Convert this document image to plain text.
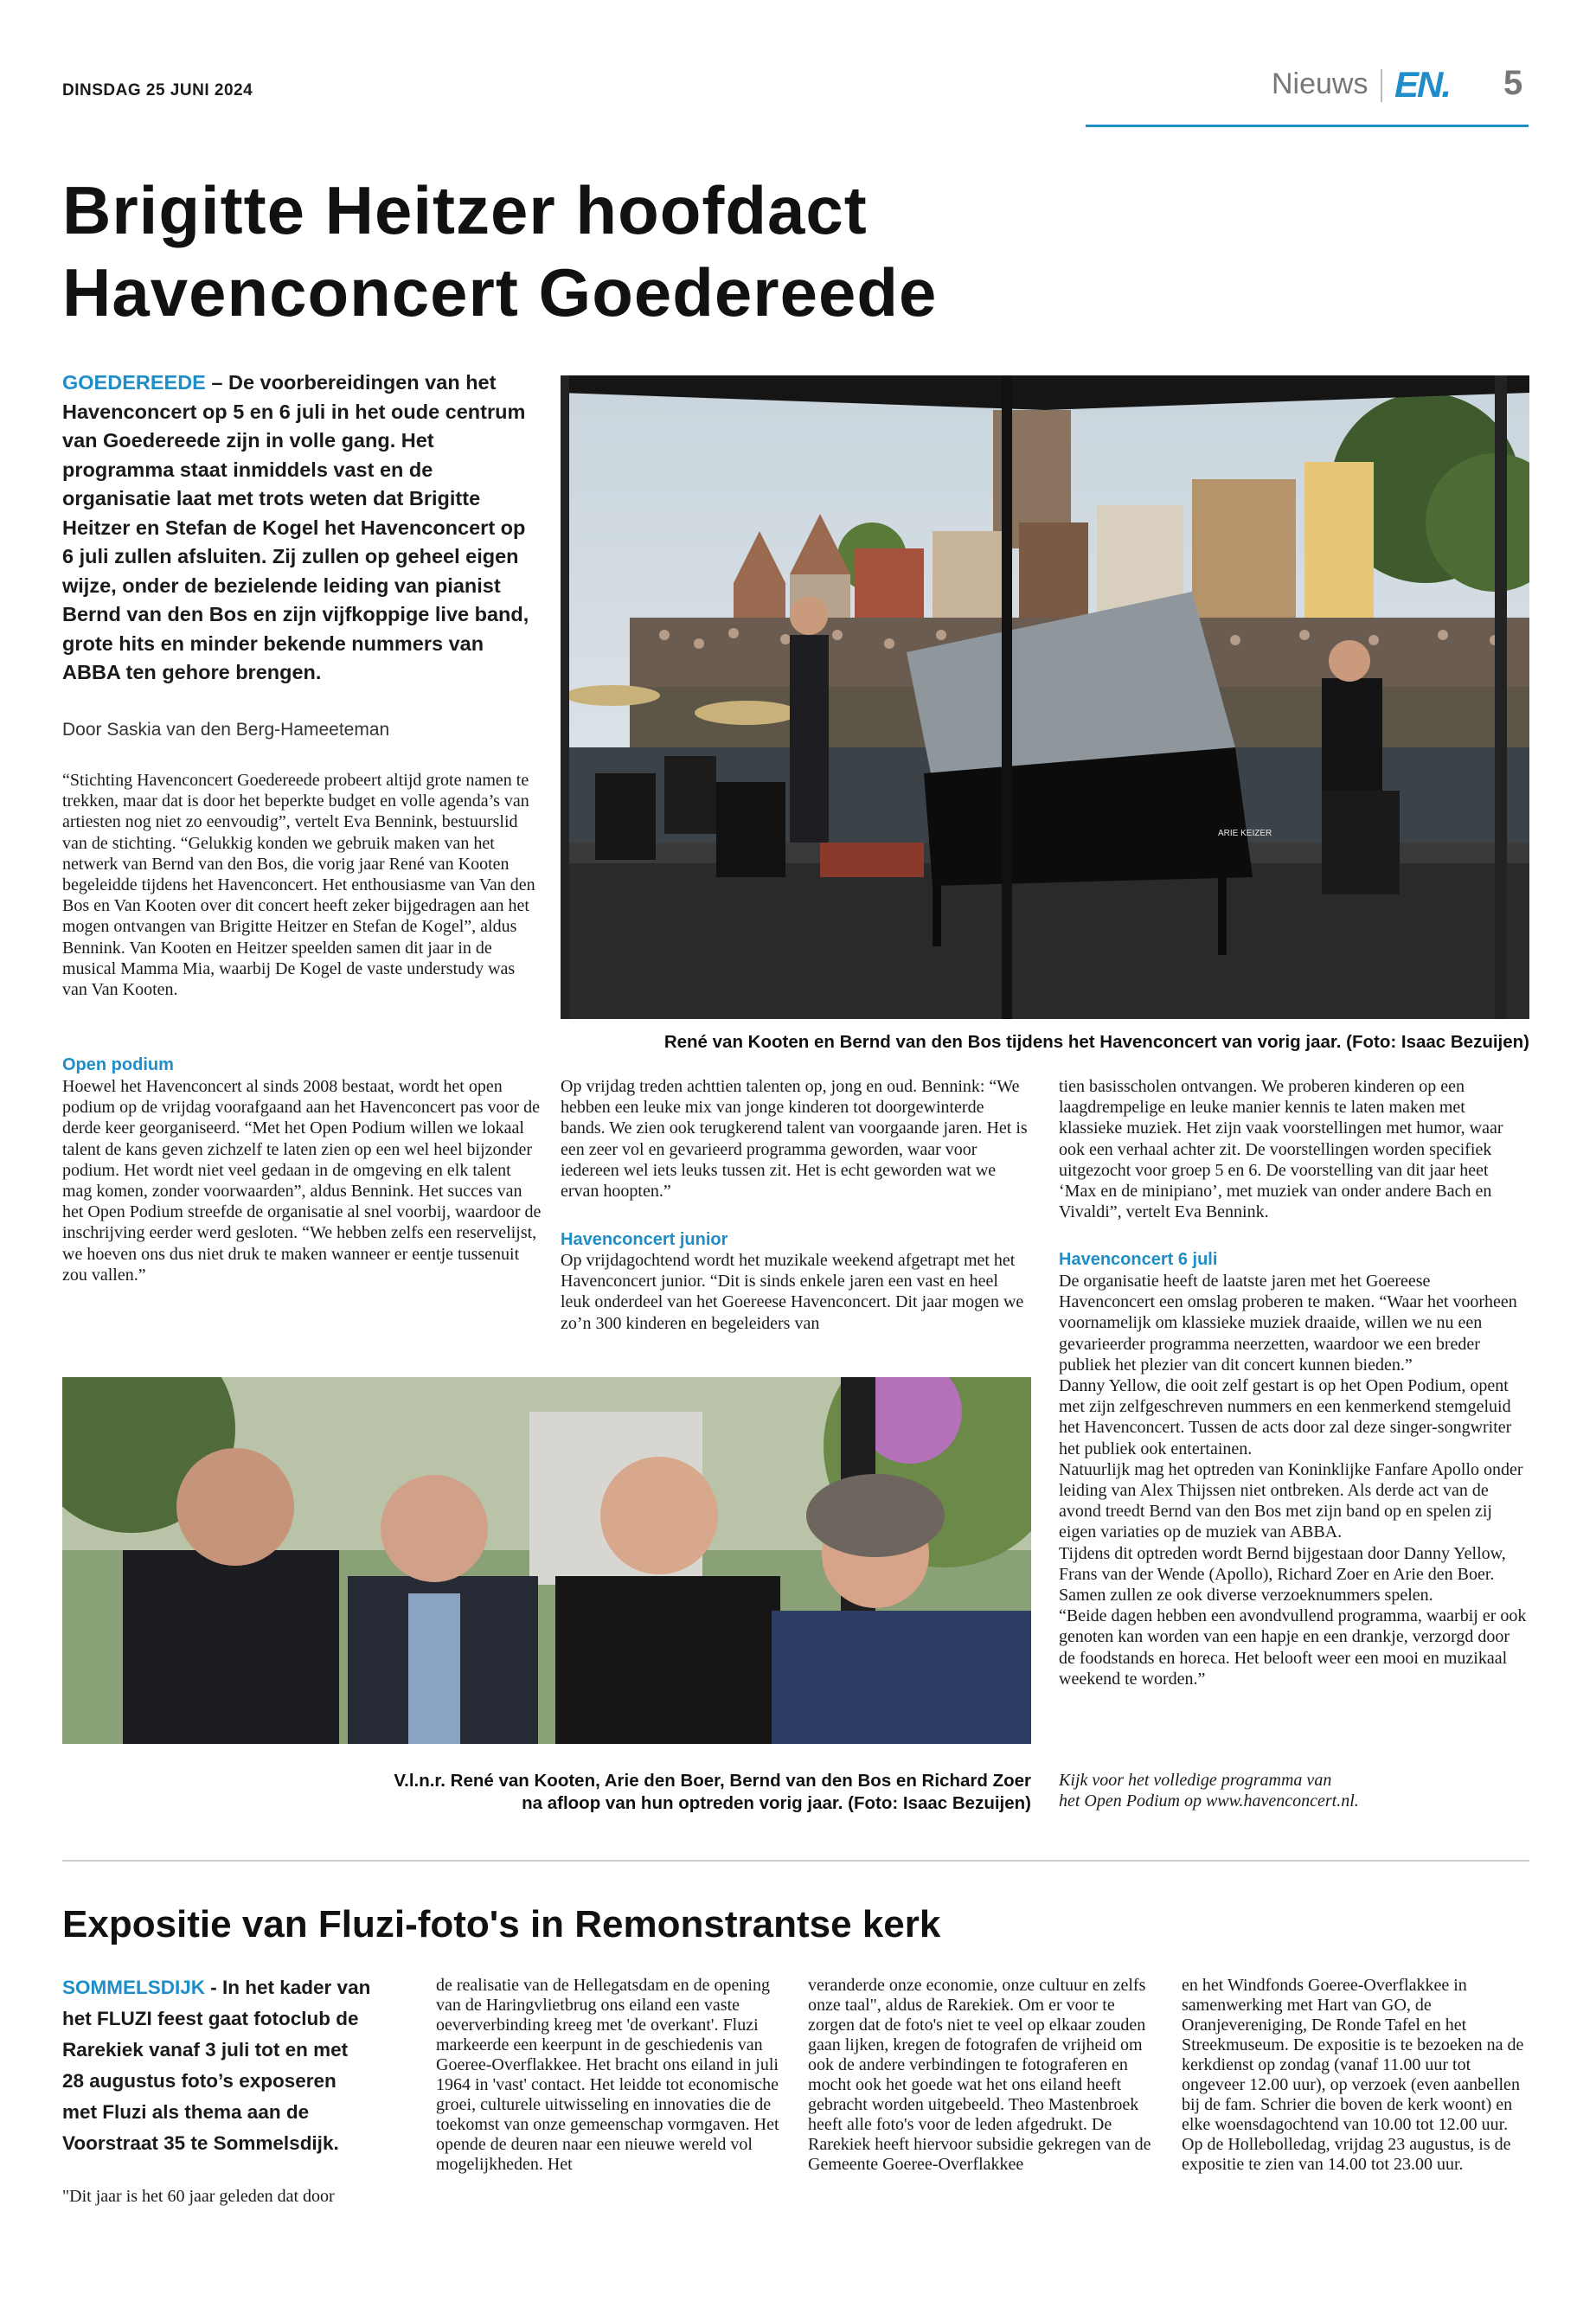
DINSDAG 25 JUNI 2024	Nieuws EN. 5
Brigitte Heitzer hoofdact
Havenconcert Goedereede
GOEDEREEDE – De voorbereidingen van het Havenconcert op 5 en 6 juli in het oude centrum van Goedereede zijn in volle gang. Het programma staat inmiddels vast en de organisatie laat met trots weten dat Brigitte Heitzer en Stefan de Kogel het Havenconcert op 6 juli zullen afsluiten. Zij zullen op geheel eigen wijze, onder de bezielende leiding van pianist Bernd van den Bos en zijn vijfkoppige live band, grote hits en minder bekende nummers van ABBA ten gehore brengen.
Door Saskia van den Berg-Hameeteman
“Stichting Havenconcert Goedereede probeert altijd grote namen te trekken, maar dat is door het beperkte budget en volle agenda’s van artiesten nog niet zo eenvoudig”, vertelt Eva Bennink, bestuurslid van de stichting. “Gelukkig konden we gebruik maken van het netwerk van Bernd van den Bos, die vorig jaar René van Kooten begeleidde tijdens het Havenconcert. Het enthousiasme van Van den Bos en Van Kooten over dit concert heeft zeker bijgedragen aan het mogen ontvangen van Brigitte Heitzer en Stefan de Kogel”, aldus Bennink. Van Kooten en Heitzer speelden samen dit jaar in de musical Mamma Mia, waarbij De Kogel de vaste understudy was van Van Kooten.
Open podium
Hoewel het Havenconcert al sinds 2008 bestaat, wordt het open podium op de vrijdag voorafgaand aan het Havenconcert pas voor de derde keer georganiseerd. “Met het Open Podium willen we lokaal talent de kans geven zichzelf te laten zien op een wel heel bijzonder podium. Het wordt niet veel gedaan in de omgeving en elk talent mag komen, zonder voorwaarden”, aldus Bennink. Het succes van het Open Podium streefde de organisatie al snel voorbij, waardoor de inschrijving eerder werd gesloten. “We hebben zelfs een reservelijst, we hoeven ons dus niet druk te maken wanneer er eentje tussenuit zou vallen.”
Op vrijdag treden achttien talenten op, jong en oud. Bennink: “We hebben een leuke mix van jonge kinderen tot doorgewinterde bands. We zien ook terugkerend talent van voorgaande jaren. Het is een zeer vol en gevarieerd programma geworden, waar voor iedereen wel iets leuks tussen zit. Het is echt geworden wat we ervan hoopten.”
Havenconcert junior
Op vrijdagochtend wordt het muzikale weekend afgetrapt met het Havenconcert junior. “Dit is sinds enkele jaren een vast en heel leuk onderdeel van het Goereese Havenconcert. Dit jaar mogen we zo’n 300 kinderen en begeleiders van
tien basisscholen ontvangen. We proberen kinderen op een laagdrempelige en leuke manier kennis te laten maken met klassieke muziek. Het zijn vaak voorstellingen met humor, waar ook een verhaal achter zit. De voorstellingen worden specifiek uitgezocht voor groep 5 en 6. De voorstelling van dit jaar heet ‘Max en de minipiano’, met muziek van onder andere Bach en Vivaldi”, vertelt Eva Bennink.
Havenconcert 6 juli
De organisatie heeft de laatste jaren met het Goereese Havenconcert een omslag proberen te maken. “Waar het voorheen voornamelijk om klassieke muziek draaide, willen we nu een gevarieerder programma neerzetten, waardoor we een breder publiek het plezier van dit concert kunnen bieden.”
Danny Yellow, die ooit zelf gestart is op het Open Podium, opent met zijn zelfgeschreven nummers en een kenmerkend stemgeluid het Havenconcert. Tussen de acts door zal deze singer-songwriter het publiek ook entertainen.
Natuurlijk mag het optreden van Koninklijke Fanfare Apollo onder leiding van Alex Thijssen niet ontbreken. Als derde act van de avond treedt Bernd van den Bos met zijn band op en spelen zij eigen variaties op de muziek van ABBA.
Tijdens dit optreden wordt Bernd bijgestaan door Danny Yellow, Frans van der Wende (Apollo), Richard Zoer en Arie den Boer. Samen zullen ze ook diverse verzoeknummers spelen.
“Beide dagen hebben een avondvullend programma, waarbij er ook genoten kan worden van een hapje en een drankje, verzorgd door de foodstands en horeca. Het belooft weer een mooi en muzikaal weekend te worden.”
Kijk voor het volledige programma van
het Open Podium op www.havenconcert.nl.
ARIE KEIZER
René van Kooten en Bernd van den Bos tijdens het Havenconcert van vorig jaar. (Foto: Isaac Bezuijen)
V.l.n.r. René van Kooten, Arie den Boer, Bernd van den Bos en Richard Zoer
na afloop van hun optreden vorig jaar. (Foto: Isaac Bezuijen)
Expositie van Fluzi-foto's in Remonstrantse kerk
SOMMELSDIJK - In het kader van het FLUZI feest gaat fotoclub de Rarekiek vanaf 3 juli tot en met 28 augustus foto’s exposeren met Fluzi als thema aan de Voorstraat 35 te Sommelsdijk.
"Dit jaar is het 60 jaar geleden dat door
de realisatie van de Hellegatsdam en de opening van de Haringvlietbrug ons eiland een vaste oeververbinding kreeg met 'de overkant'. Fluzi markeerde een keerpunt in de geschiedenis van Goeree-Overflakkee. Het bracht ons eiland in juli 1964 in 'vast' contact. Het leidde tot economische groei, culturele uitwisseling en innovaties die de toekomst van onze gemeenschap vormgaven. Het opende de deuren naar een nieuwe wereld vol mogelijkheden. Het
veranderde onze economie, onze cultuur en zelfs onze taal", aldus de Rarekiek. Om er voor te zorgen dat de foto's niet te veel op elkaar zouden gaan lijken, kregen de fotografen de vrijheid om ook de andere verbindingen te fotograferen en mocht ook het goede wat het ons eiland heeft gebracht worden uitgebeeld. Theo Mastenbroek heeft alle foto's voor de leden afgedrukt. De Rarekiek heeft hiervoor subsidie gekregen van de Gemeente Goeree-Overflakkee
en het Windfonds Goeree-Overflakkee in samenwerking met Hart van GO, de Oranjevereniging, De Ronde Tafel en het Streekmuseum. De expositie is te bezoeken na de kerkdienst op zondag (vanaf 11.00 uur tot ongeveer 12.00 uur), op verzoek (even aanbellen bij de fam. Schrier die boven de kerk woont) en elke woensdagochtend van 10.00 tot 12.00 uur. Op de Hollebolledag, vrijdag 23 augustus, is de expositie te zien van 14.00 tot 23.00 uur.
